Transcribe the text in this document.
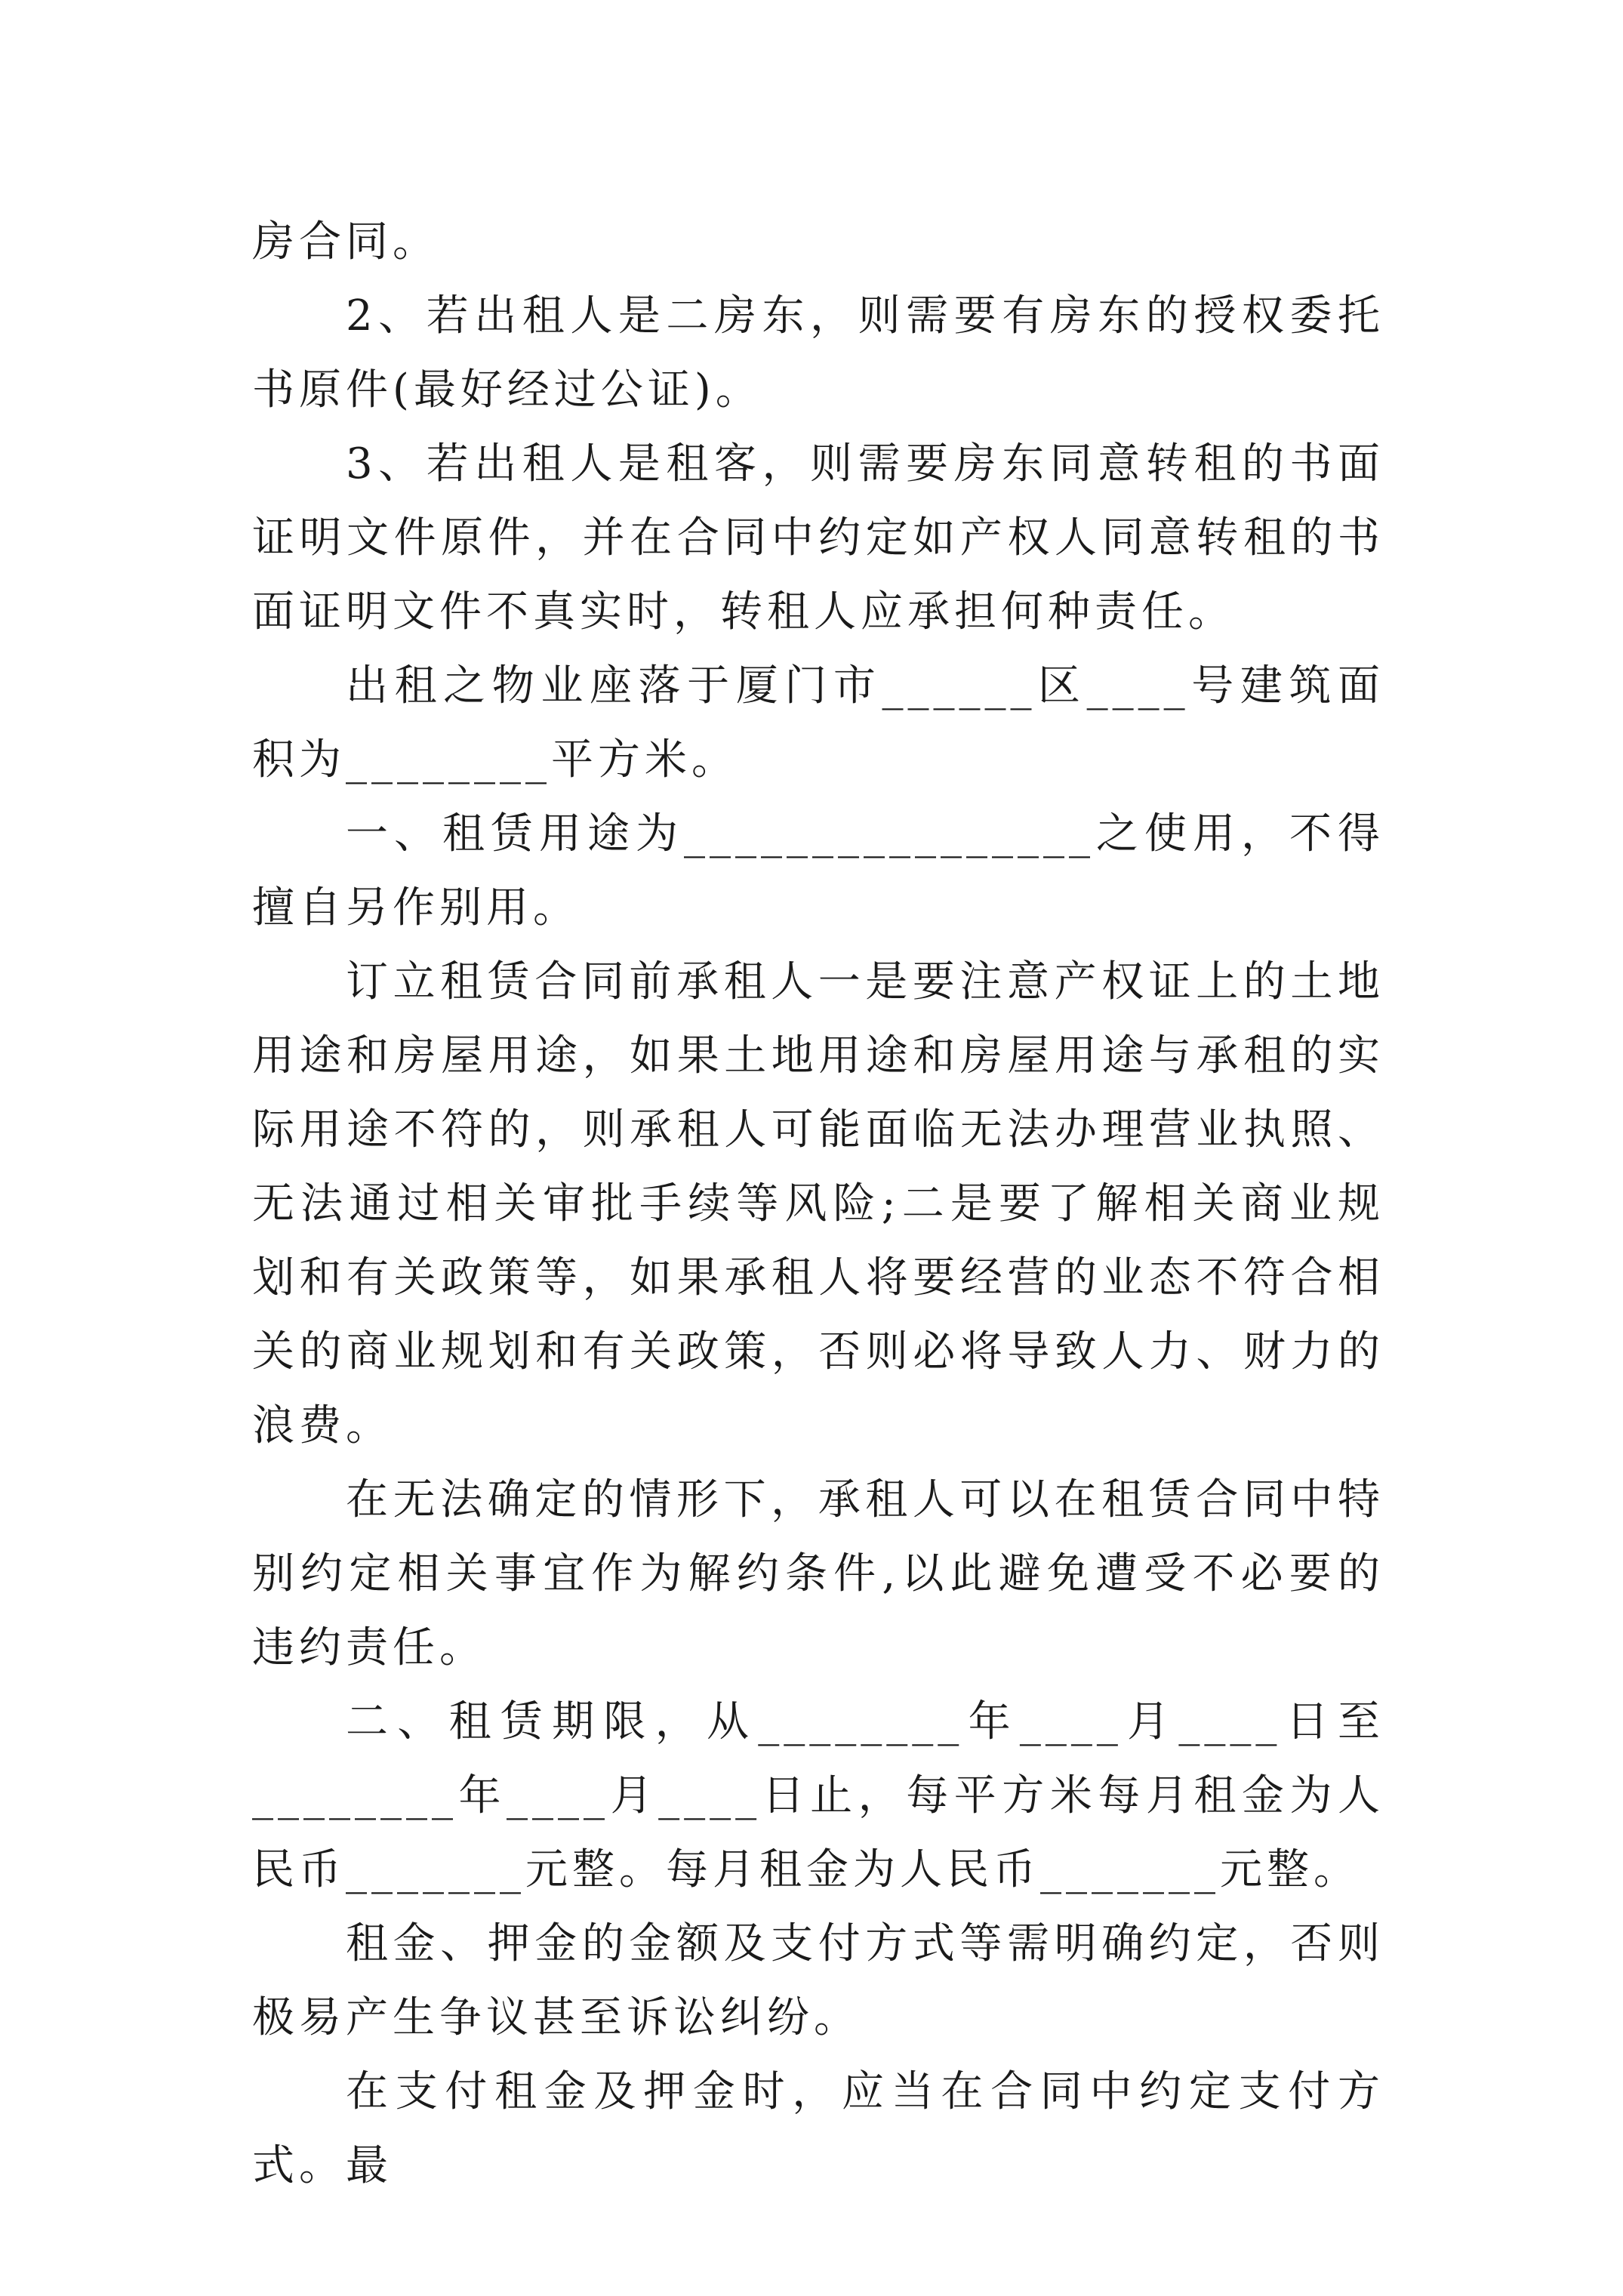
房合同。

2、若出租人是二房东，则需要有房东的授权委托书原件(最好经过公证)。

3、若出租人是租客，则需要房东同意转租的书面证明文件原件，并在合同中约定如产权人同意转租的书面证明文件不真实时，转租人应承担何种责任。

出租之物业座落于厦门市______区____号建筑面积为________平方米。

一、租赁用途为________________之使用，不得擅自另作别用。

订立租赁合同前承租人一是要注意产权证上的土地用途和房屋用途，如果土地用途和房屋用途与承租的实际用途不符的，则承租人可能面临无法办理营业执照、无法通过相关审批手续等风险;二是要了解相关商业规划和有关政策等，如果承租人将要经营的业态不符合相关的商业规划和有关政策，否则必将导致人力、财力的浪费。

在无法确定的情形下，承租人可以在租赁合同中特别约定相关事宜作为解约条件,以此避免遭受不必要的违约责任。

二、租赁期限，从________年____月____日至________年____月____日止，每平方米每月租金为人民币_______元整。每月租金为人民币_______元整。

租金、押金的金额及支付方式等需明确约定，否则极易产生争议甚至诉讼纠纷。

在支付租金及押金时，应当在合同中约定支付方式。最
